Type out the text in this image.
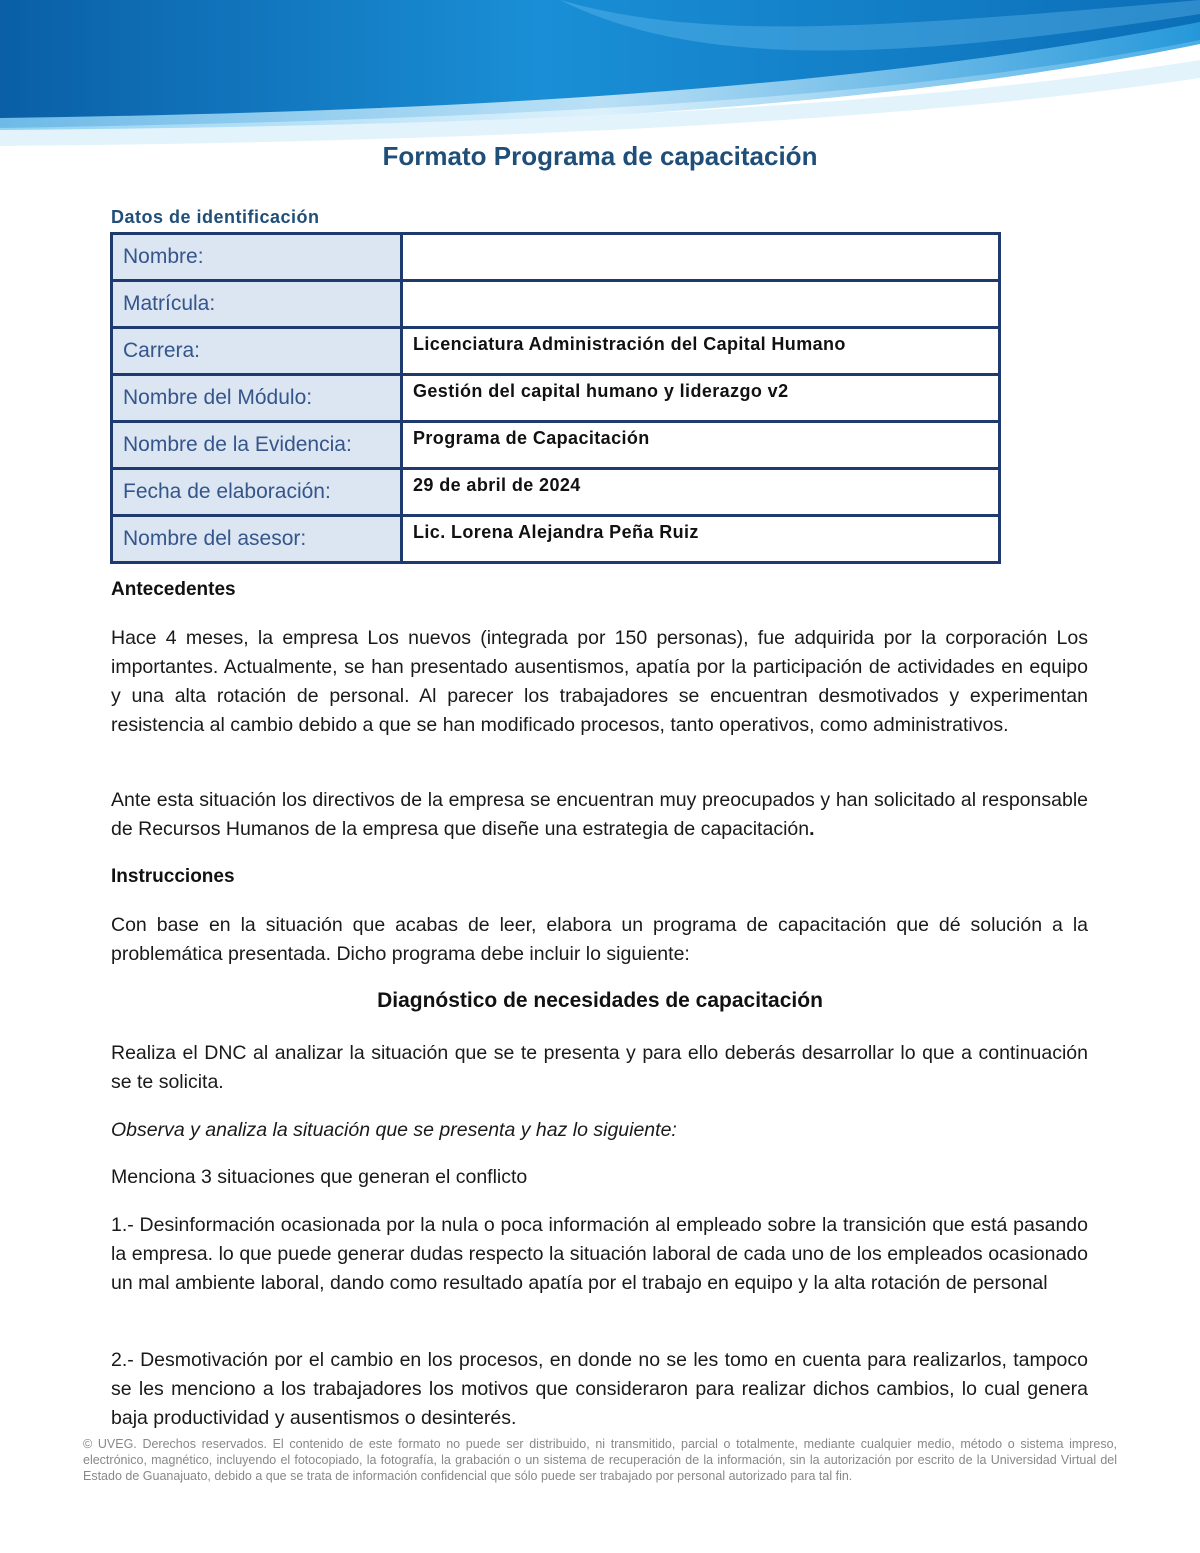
Formato Programa de capacitación
Datos de identificación
Nombre:	
Matrícula:	
Carrera:	Licenciatura Administración del Capital Humano
Nombre del Módulo:	Gestión del capital humano y liderazgo v2
Nombre de la Evidencia:	Programa de Capacitación
Fecha de elaboración:	29 de abril de 2024
Nombre del asesor:	Lic. Lorena Alejandra Peña Ruiz
Antecedentes
Hace 4 meses, la empresa Los nuevos (integrada por 150 personas), fue adquirida por la corporación Los importantes. Actualmente, se han presentado ausentismos, apatía por la participación de actividades en equipo y una alta rotación de personal. Al parecer los trabajadores se encuentran desmotivados y experimentan resistencia al cambio debido a que se han modificado procesos, tanto operativos, como administrativos.
Ante esta situación los directivos de la empresa se encuentran muy preocupados y han solicitado al responsable de Recursos Humanos de la empresa que diseñe una estrategia de capacitación.
Instrucciones
Con base en la situación que acabas de leer, elabora un programa de capacitación que dé solución a la problemática presentada. Dicho programa debe incluir lo siguiente:
Diagnóstico de necesidades de capacitación
Realiza el DNC al analizar la situación que se te presenta y para ello deberás desarrollar lo que a continuación se te solicita.
Observa y analiza la situación que se presenta y haz lo siguiente:
Menciona 3 situaciones que generan el conflicto
1.- Desinformación ocasionada por la nula o poca información al empleado sobre la transición que está pasando la empresa. lo que puede generar dudas respecto la situación laboral de cada uno de los empleados ocasionado un mal ambiente laboral, dando como resultado apatía por el trabajo en equipo y la alta rotación de personal
2.- Desmotivación por el cambio en los procesos, en donde no se les tomo en cuenta para realizarlos, tampoco se les menciono a los trabajadores los motivos que consideraron para realizar dichos cambios, lo cual genera baja productividad y ausentismos o desinterés.
© UVEG. Derechos reservados. El contenido de este formato no puede ser distribuido, ni transmitido, parcial o totalmente, mediante cualquier medio, método o sistema impreso, electrónico, magnético, incluyendo el fotocopiado, la fotografía, la grabación o un sistema de recuperación de la información, sin la autorización por escrito de la Universidad Virtual del Estado de Guanajuato, debido a que se trata de información confidencial que sólo puede ser trabajado por personal autorizado para tal fin.
